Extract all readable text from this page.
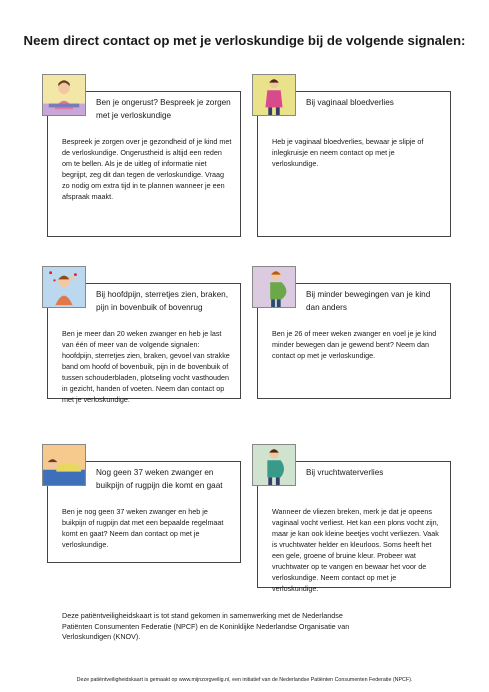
Neem direct contact op met je verloskundige bij de volgende signalen:
Ben je ongerust? Bespreek je zorgen met je verloskundige
Bespreek je zorgen over je gezondheid of je kind met de verloskundige. Ongerustheid is altijd een reden om te bellen. Als je de uitleg of informatie niet begrijpt, zeg dit dan tegen de verloskundige. Vraag zo nodig om extra tijd in te plannen wanneer je een afspraak maakt.
Bij vaginaal bloedverlies
Heb je vaginaal bloedverlies, bewaar je slipje of inlegkruisje en neem contact op met je verloskundige.
Bij hoofdpijn, sterretjes zien, braken, pijn in bovenbuik of bovenrug
Ben je meer dan 20 weken zwanger en heb je last van één of meer van de volgende signalen: hoofdpijn, sterretjes zien, braken, gevoel van strakke band om hoofd of bovenbuik, pijn in de bovenbuik of tussen schouderbladen, plotseling vocht vasthouden in gezicht, handen of voeten. Neem dan contact op met je verloskundige.
Bij minder bewegingen van je kind dan anders
Ben je 26 of meer weken zwanger en voel je je kind minder bewegen dan je gewend bent? Neem dan contact op met je verloskundige.
Nog geen 37 weken zwanger en buikpijn of rugpijn die komt en gaat
Ben je nog geen 37 weken zwanger en heb je buikpijn of rugpijn dat met een bepaalde regelmaat komt en gaat? Neem dan contact op met je verloskundige.
Bij vruchtwaterverlies
Wanneer de vliezen breken, merk je dat je opeens vaginaal vocht verliest. Het kan een plons vocht zijn, maar je kan ook kleine beetjes vocht verliezen. Vaak is vruchtwater helder en kleurloos. Soms heeft het een gele, groene of bruine kleur. Probeer wat vruchtwater op te vangen en bewaar het voor de verloskundige. Neem contact op met je verloskundige.
Deze patiëntveiligheidskaart is tot stand gekomen in samenwerking met de Nederlandse Patiënten Consumenten Federatie (NPCF) en de Koninklijke Nederlandse Organisatie van Verloskundigen (KNOV).
Deze patiëntveiligheidskaart is gemaakt op www.mijnzorgveilig.nl, een initiatief van de Nederlandse Patiënten Consumenten Federatie (NPCF).
